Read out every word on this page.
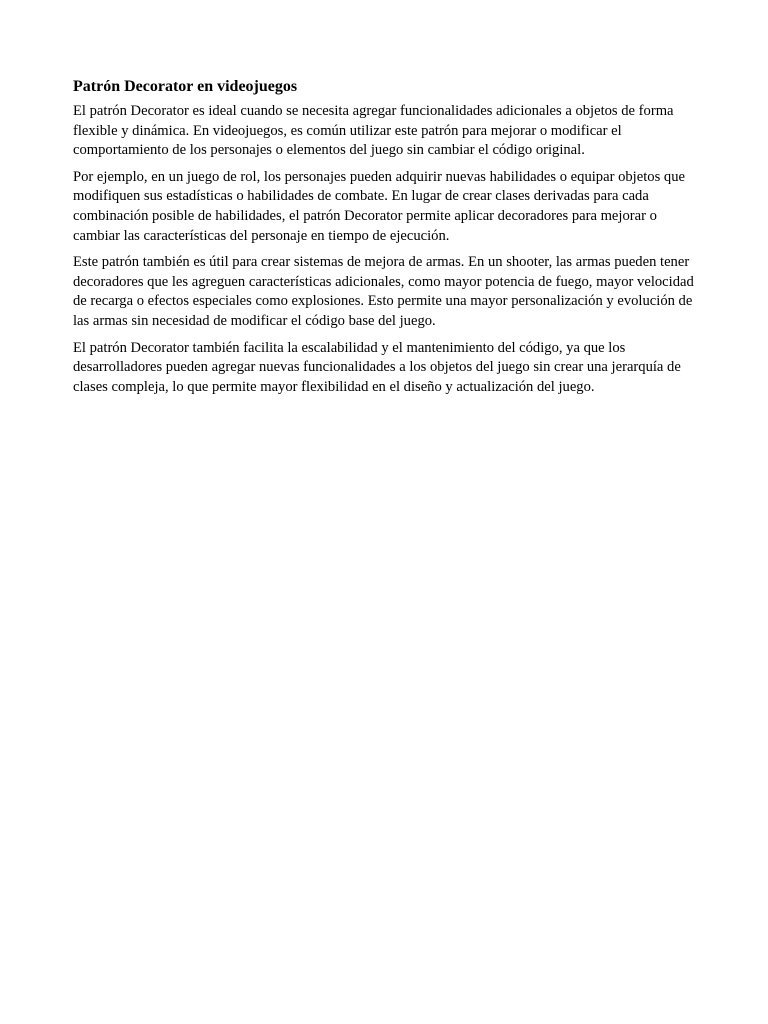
Patrón Decorator en videojuegos

El patrón Decorator es ideal cuando se necesita agregar funcionalidades adicionales a objetos de forma flexible y dinámica. En videojuegos, es común utilizar este patrón para mejorar o modificar el comportamiento de los personajes o elementos del juego sin cambiar el código original.

Por ejemplo, en un juego de rol, los personajes pueden adquirir nuevas habilidades o equipar objetos que modifiquen sus estadísticas o habilidades de combate. En lugar de crear clases derivadas para cada combinación posible de habilidades, el patrón Decorator permite aplicar decoradores para mejorar o cambiar las características del personaje en tiempo de ejecución.

Este patrón también es útil para crear sistemas de mejora de armas. En un shooter, las armas pueden tener decoradores que les agreguen características adicionales, como mayor potencia de fuego, mayor velocidad de recarga o efectos especiales como explosiones. Esto permite una mayor personalización y evolución de las armas sin necesidad de modificar el código base del juego.

El patrón Decorator también facilita la escalabilidad y el mantenimiento del código, ya que los desarrolladores pueden agregar nuevas funcionalidades a los objetos del juego sin crear una jerarquía de clases compleja, lo que permite mayor flexibilidad en el diseño y actualización del juego.
